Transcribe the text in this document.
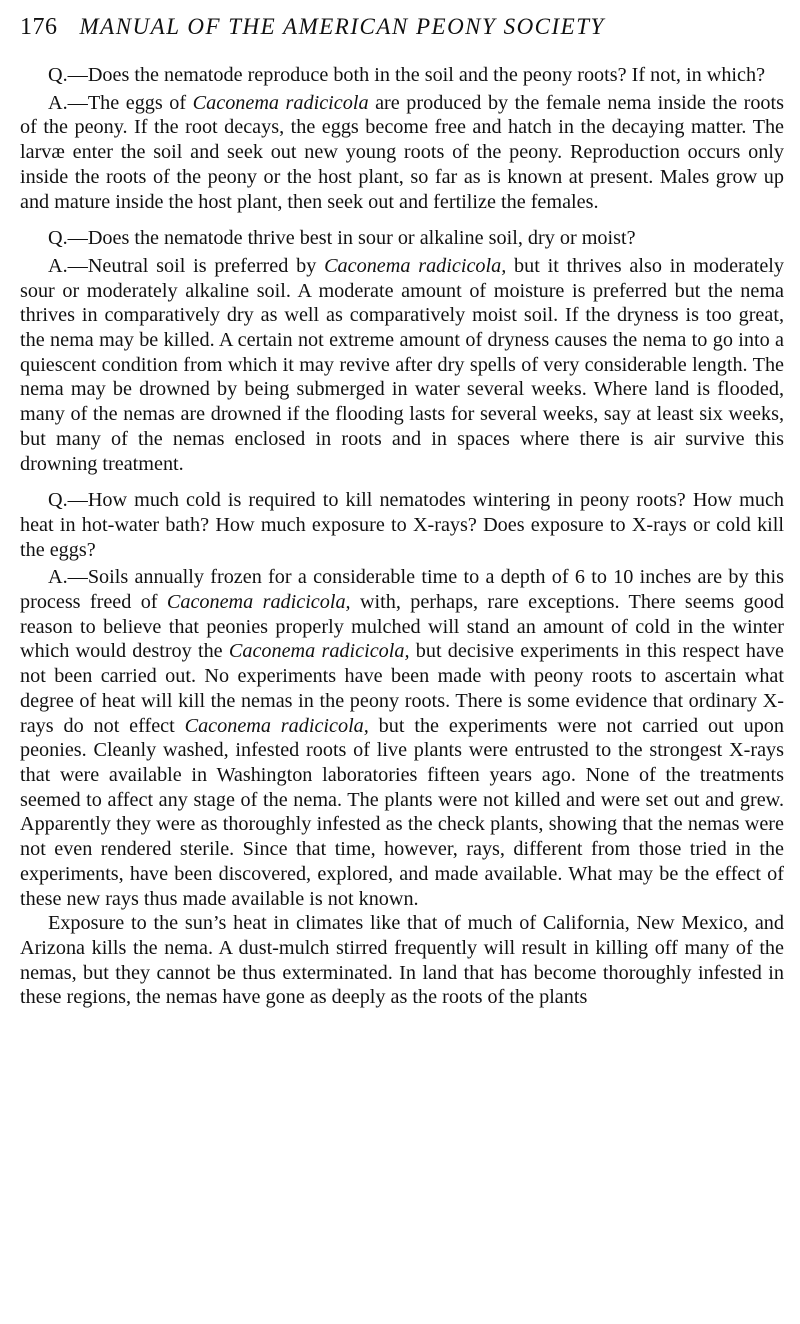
176 MANUAL OF THE AMERICAN PEONY SOCIETY

Q.—Does the nematode reproduce both in the soil and the peony roots? If not, in which?

A.—The eggs of Caconema radicicola are produced by the female nema inside the roots of the peony. If the root decays, the eggs become free and hatch in the decaying matter. The larvæ enter the soil and seek out new young roots of the peony. Reproduction occurs only inside the roots of the peony or the host plant, so far as is known at present. Males grow up and mature inside the host plant, then seek out and fertilize the females.

Q.—Does the nematode thrive best in sour or alkaline soil, dry or moist?

A.—Neutral soil is preferred by Caconema radicicola, but it thrives also in moderately sour or moderately alkaline soil. A moderate amount of moisture is preferred but the nema thrives in comparatively dry as well as comparatively moist soil. If the dryness is too great, the nema may be killed. A certain not extreme amount of dryness causes the nema to go into a quiescent condition from which it may revive after dry spells of very considerable length. The nema may be drowned by being submerged in water several weeks. Where land is flooded, many of the nemas are drowned if the flooding lasts for several weeks, say at least six weeks, but many of the nemas enclosed in roots and in spaces where there is air survive this drowning treatment.

Q.—How much cold is required to kill nematodes wintering in peony roots? How much heat in hot-water bath? How much exposure to X-rays? Does exposure to X-rays or cold kill the eggs?

A.—Soils annually frozen for a considerable time to a depth of 6 to 10 inches are by this process freed of Caconema radicicola, with, perhaps, rare exceptions. There seems good reason to believe that peonies properly mulched will stand an amount of cold in the winter which would destroy the Caconema radicicola, but decisive experiments in this respect have not been carried out. No experiments have been made with peony roots to ascertain what degree of heat will kill the nemas in the peony roots. There is some evidence that ordinary X-rays do not effect Caconema radicicola, but the experiments were not carried out upon peonies. Cleanly washed, infested roots of live plants were entrusted to the strongest X-rays that were available in Washington laboratories fifteen years ago. None of the treatments seemed to affect any stage of the nema. The plants were not killed and were set out and grew. Apparently they were as thoroughly infested as the check plants, showing that the nemas were not even rendered sterile. Since that time, however, rays, different from those tried in the experiments, have been discovered, explored, and made available. What may be the effect of these new rays thus made available is not known.

Exposure to the sun’s heat in climates like that of much of California, New Mexico, and Arizona kills the nema. A dust-mulch stirred frequently will result in killing off many of the nemas, but they cannot be thus exterminated. In land that has become thoroughly infested in these regions, the nemas have gone as deeply as the roots of the plants
